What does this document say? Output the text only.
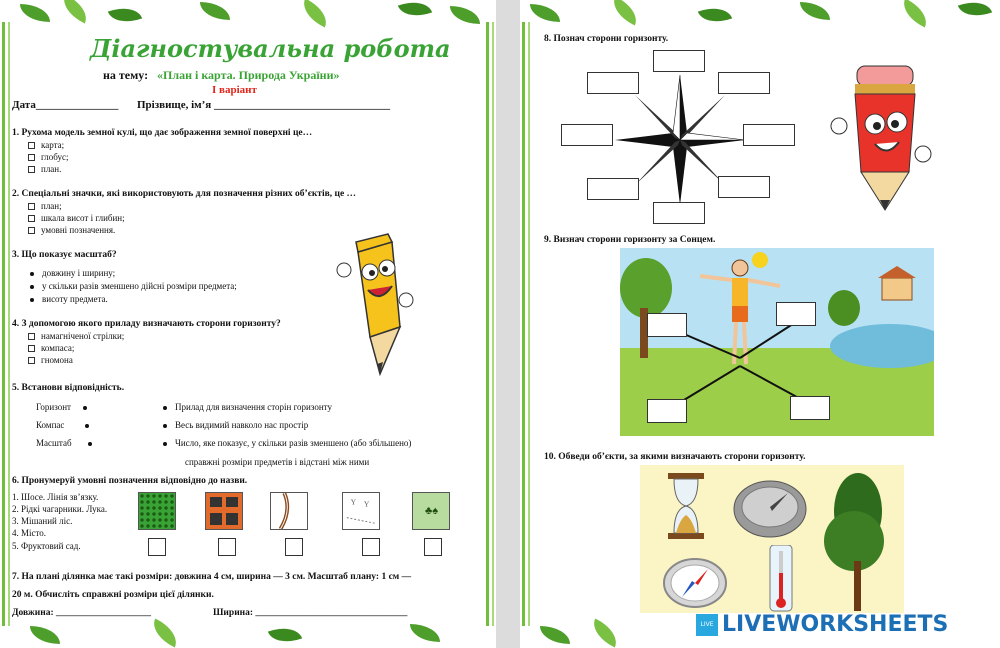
Діагностувальна робота
на тему: «План і карта. Природа України»
І варіант
Дата_______________ Прізвище, ім’я ________________________________
1. Рухома модель земної кулі, що дає зображення земної поверхні це…
карта;
глобус;
план.
2. Спеціальні значки, які використовують для позначення різних об’єктів, це …
план;
шкала висот і глибин;
умовні позначення.
3. Що показує масштаб?
довжину і ширину;
у скільки разів зменшено дійсні розміри предмета;
висоту предмета.
4. З допомогою якого приладу визначають сторони горизонту?
намагніченої стрілки;
компаса;
гномона
5. Встанови відповідність.
Горизонт
Компас
Масштаб
Прилад для визначення сторін горизонту
Весь видимий навколо нас простір
Число, яке показує, у скільки разів зменшено (або збільшено)
справжні розміри предметів і відстані між ними
6. Пронумеруй умовні позначення відповідно до назви.
1. Шосе. Лінія зв’язку.
2. Рідкі чагарники. Лука.
3. Мішаний ліс.
4. Місто.
5. Фруктовий сад.
Y Y
♣♠
7. На плані ділянка має такі розміри: довжина 4 см, ширина — 3 см. Масштаб плану: 1 см —
20 м. Обчисліть справжні розміри цієї ділянки.
Довжина: ____________________	Ширина: ________________________________
8. Познач сторони горизонту.
9. Визнач сторони горизонту за Сонцем.
10. Обведи об’єкти, за якими визначають сторони горизонту.
LIVE LIVEWORKSHEETS
